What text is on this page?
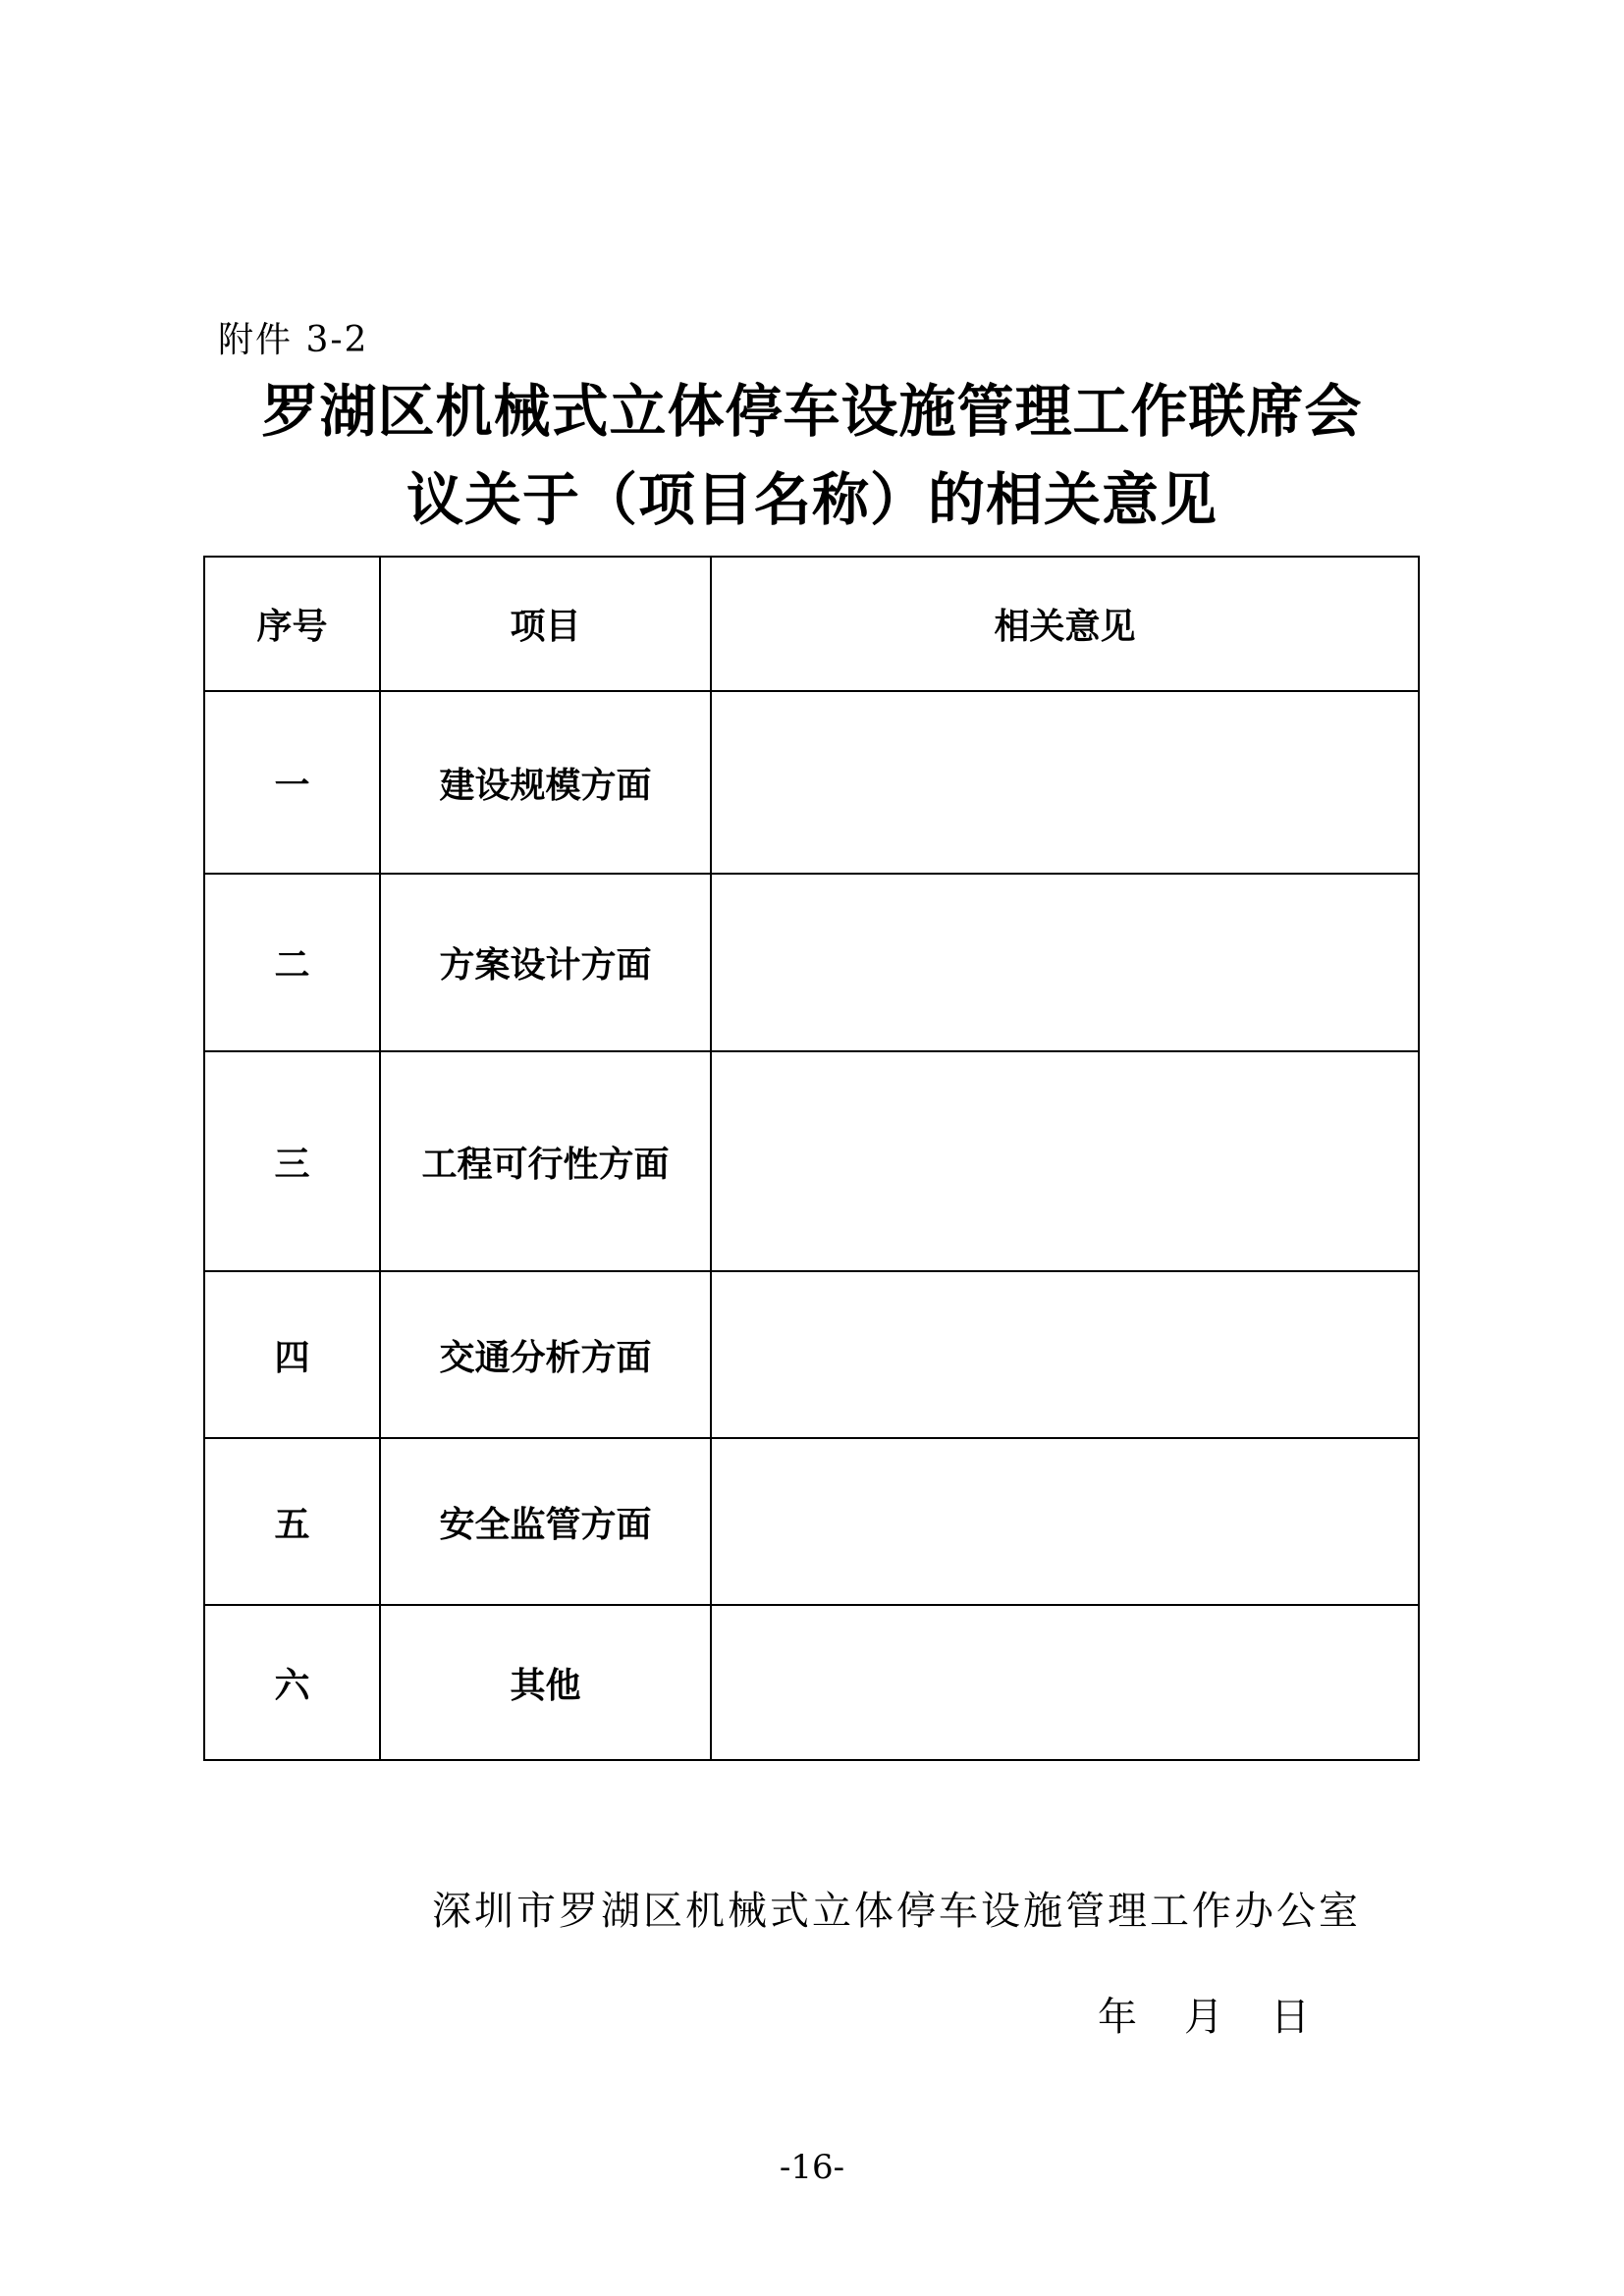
附件 3-2
罗湖区机械式立体停车设施管理工作联席会
议关于（项目名称）的相关意见
序号	项目	相关意见
一	建设规模方面	
二	方案设计方面	
三	工程可行性方面	
四	交通分析方面	
五	安全监管方面	
六	其他	
深圳市罗湖区机械式立体停车设施管理工作办公室
年 月 日
-16-
